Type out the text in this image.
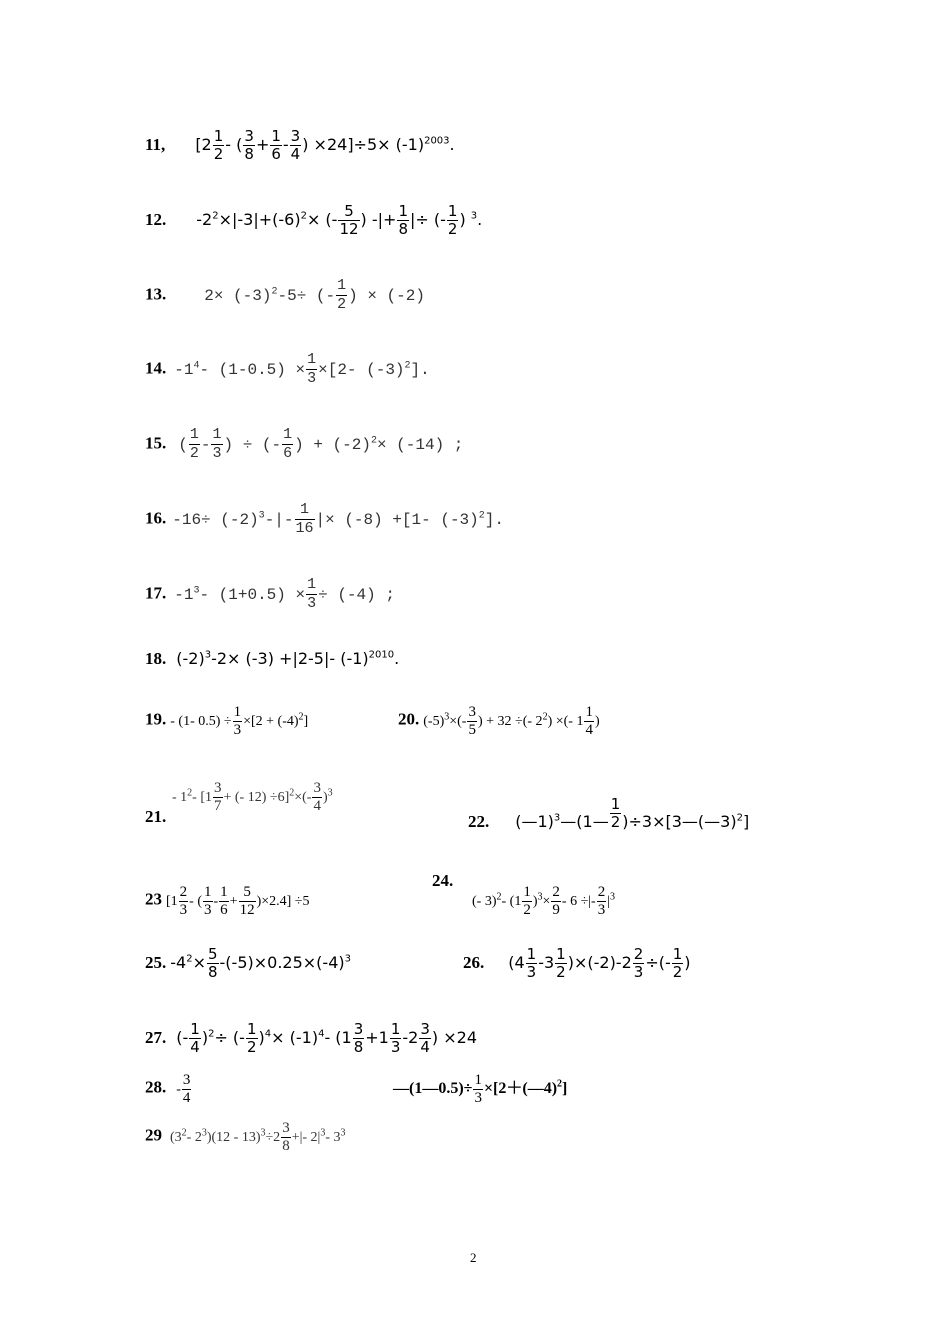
11, [$2 \frac{1}{2}$ - ( $\frac{3}{8} + \frac{1}{6} - \frac{3}{4}$ ) $\times 24]\div 5\times (-1)^{2003}$.
12. $-2^2\times|-3|+(-6)^2\times$ (- $\frac{5}{12}$ ) -|+ $\frac{1}{8}$ |÷ (- $\frac{1}{2}$ ) $^3$.
13. $2\times (-3)^2-5\div$ (- $\frac{1}{2}$ ) × (-2)
14. $-1^4-$ $(1-0.5) \times \frac{1}{3} \times[2-$ $(-3)^2$].
15. ( $\frac{1}{2} - \frac{1}{3}$ ) ÷ (- $\frac{1}{6}$ ) + $(-2)^2\times (-14)$ ;
16. $-16\div (-2)^3-|- \frac{1}{16}$ |× (-8) +[1- $(-3)^2$].
17. $-1^3-$ $(1+0.5) \times \frac{1}{3} \div (-4)$ ;
18. $(-2)^3-2\times (-3) +|2-5|-$ $(-1)^{2010}$.
19. - (1- $0.5) \div \frac{1}{3} \times[2 + (-4)^2]$	20. $(-5)^3\times(- \frac{3}{5}$ ) + 32 ÷(- $2^2$) ×(- $1 \frac{1}{4}$ )
21.
- $1^2-$ [$1 \frac{3}{7}$ + (- $12) \div 6]^2\times(- \frac{3}{4} )^3$
22. (—1)$^3$—(1— $\frac{1}{2}$ )÷3×[3—(—3)$^2$]
23 [$1 \frac{2}{3}$ - ( $\frac{1}{3} - \frac{1}{6} + \frac{5}{12} )\times 2.4] \div 5$
24.
(- 3)$^2$- $(1 \frac{1}{2} )^3\times \frac{2}{9} - 6$ ÷|- $\frac{2}{3} |^3$
25. $-4^2\times \frac{5}{8} -(-5)\times 0.25\times(-4)^3$	26. $(4 \frac{1}{3} -3 \frac{1}{2} )\times(-2)-2 \frac{2}{3}$ ÷(- $\frac{1}{2}$ )
27. (- $\frac{1}{4} )^2\div$ (- $\frac{1}{2} )^4\times (-1)^4-$ ($1 \frac{3}{8} +1 \frac{1}{3} -2 \frac{3}{4}$ ) ×24
28. - $\frac{3}{4}$	—(1—0.5)÷ $\frac{1}{3}$ ×[2＋(—4)$^2$]
29 ($3^2-$ $2^3)(12 - 13)^3\div 2 \frac{3}{8}$ +|- $2|^3-$ $3^3$
2
